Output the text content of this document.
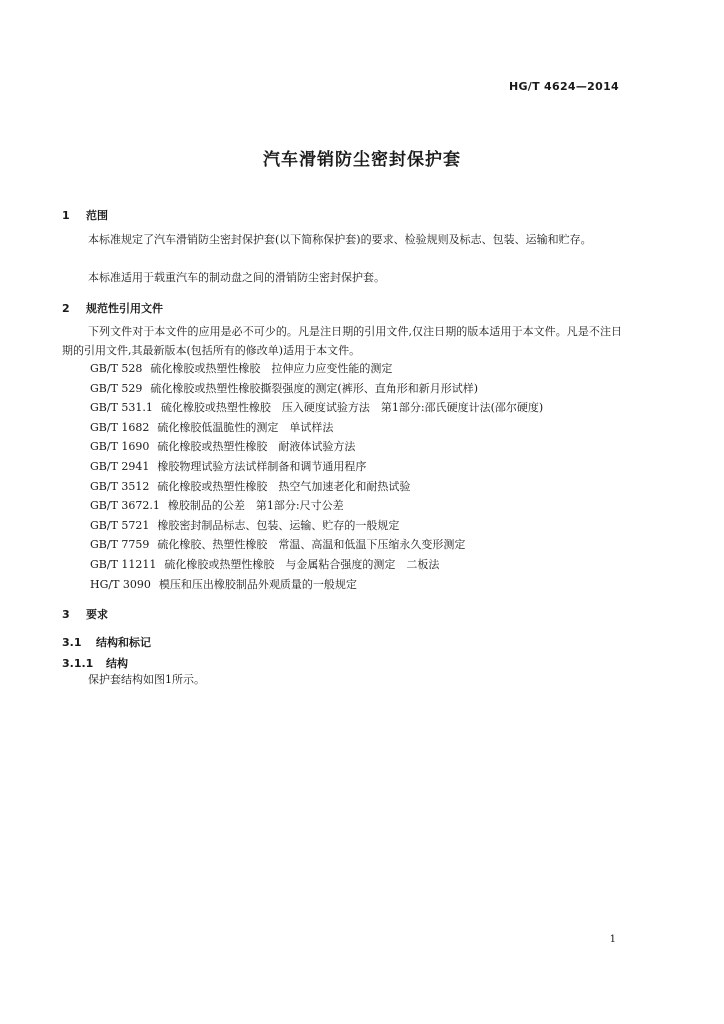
HG/T 4624—2014
汽车滑销防尘密封保护套
1 范围

本标准规定了汽车滑销防尘密封保护套(以下简称保护套)的要求、检验规则及标志、包装、运输和贮存。

本标准适用于载重汽车的制动盘之间的滑销防尘密封保护套。

2 规范性引用文件

下列文件对于本文件的应用是必不可少的。凡是注日期的引用文件,仅注日期的版本适用于本文件。凡是不注日期的引用文件,其最新版本(包括所有的修改单)适用于本文件。

GB/T 528 硫化橡胶或热塑性橡胶　拉伸应力应变性能的测定
GB/T 529 硫化橡胶或热塑性橡胶撕裂强度的测定(裤形、直角形和新月形试样)
GB/T 531.1 硫化橡胶或热塑性橡胶　压入硬度试验方法　第1部分:邵氏硬度计法(邵尔硬度)
GB/T 1682 硫化橡胶低温脆性的测定　单试样法
GB/T 1690 硫化橡胶或热塑性橡胶　耐液体试验方法
GB/T 2941 橡胶物理试验方法试样制备和调节通用程序
GB/T 3512 硫化橡胶或热塑性橡胶　热空气加速老化和耐热试验
GB/T 3672.1 橡胶制品的公差　第1部分:尺寸公差
GB/T 5721 橡胶密封制品标志、包装、运输、贮存的一般规定
GB/T 7759 硫化橡胶、热塑性橡胶　常温、高温和低温下压缩永久变形测定
GB/T 11211 硫化橡胶或热塑性橡胶　与金属粘合强度的测定　二板法
HG/T 3090 模压和压出橡胶制品外观质量的一般规定
3 要求
3.1 结构和标记
3.1.1 结构

保护套结构如图1所示。

1
